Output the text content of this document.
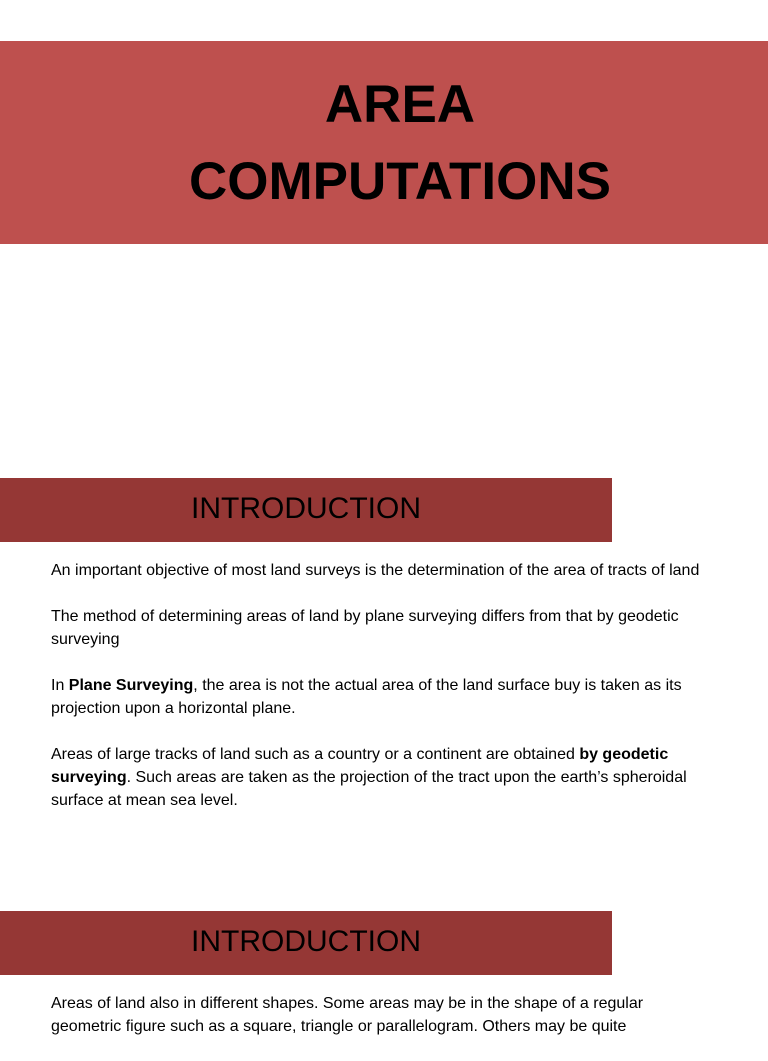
AREA
COMPUTATIONS
INTRODUCTION

An important objective of most land surveys is the determination of the area of tracts of land

The method of determining areas of land by plane surveying differs from that by geodetic surveying

In Plane Surveying, the area is not the actual area of the land surface buy is taken as its projection upon a horizontal plane.

Areas of large tracks of land such as a country or a continent are obtained by geodetic surveying. Such areas are taken as the projection of the tract upon the earth’s spheroidal surface at mean sea level.

INTRODUCTION

Areas of land also in different shapes. Some areas may be in the shape of a regular geometric figure such as a square, triangle or parallelogram. Others may be quite
